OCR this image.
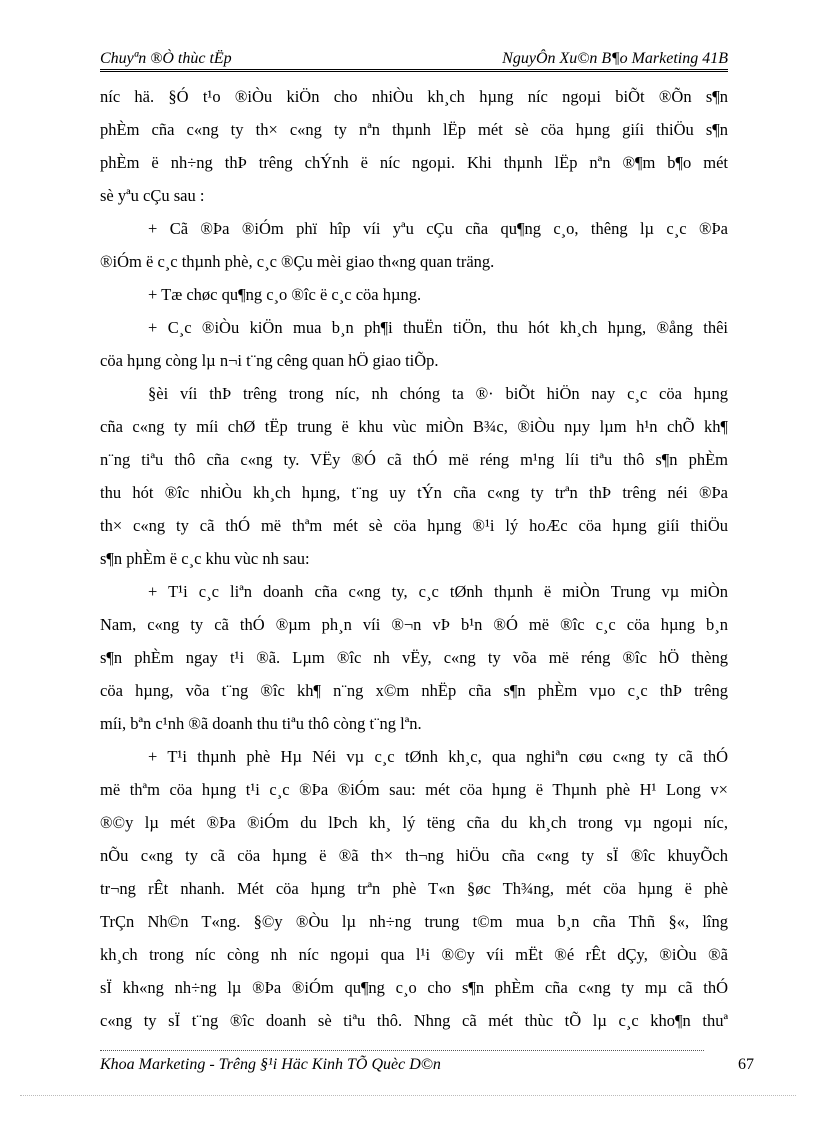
Chuyªn ®Ò thùc tËp	NguyÔn Xu©n B¶o Marketing 41B
níc hä. §Ó t¹o ®iÒu kiÖn cho nhiÒu kh¸ch hµng níc ngoµi biÕt ®Õn s¶n
phÈm cña c«ng ty th× c«ng ty nªn thµnh lËp mét sè cöa hµng giíi thiÖu s¶n
phÈm ë nh÷ng thÞ trêng chÝnh ë níc ngoµi. Khi thµnh lËp nªn ®¶m b¶o mét
sè yªu cÇu sau :
+ Cã ®Þa ®iÓm phï hîp víi yªu cÇu cña qu¶ng c¸o, thêng lµ c¸c ®Þa
®iÓm ë c¸c thµnh phè, c¸c ®Çu mèi giao th«ng quan träng.
+ Tæ chøc qu¶ng c¸o ®îc ë c¸c cöa hµng.
+ C¸c ®iÒu kiÖn mua b¸n ph¶i thuËn tiÖn, thu hót kh¸ch hµng, ®ång thêi
cöa hµng còng lµ n¬i t¨ng cêng quan hÖ giao tiÕp.
§èi víi thÞ trêng trong níc, nh chóng ta ®· biÕt hiÖn nay c¸c cöa hµng
cña c«ng ty míi chØ tËp trung ë khu vùc miÒn B¾c, ®iÒu nµy lµm h¹n chÕ kh¶
n¨ng tiªu thô cña c«ng ty. VËy ®Ó cã thÓ më réng m¹ng líi tiªu thô s¶n phÈm
thu hót ®îc nhiÒu kh¸ch hµng, t¨ng uy tÝn cña c«ng ty trªn thÞ trêng néi ®Þa
th× c«ng ty cã thÓ më thªm mét sè cöa hµng ®¹i lý hoÆc cöa hµng giíi thiÖu
s¶n phÈm ë c¸c khu vùc nh sau:
+ T¹i c¸c liªn doanh cña c«ng ty, c¸c tØnh thµnh ë miÒn Trung vµ miÒn
Nam, c«ng ty cã thÓ ®µm ph¸n víi ®¬n vÞ b¹n ®Ó më ®îc c¸c cöa hµng b¸n
s¶n phÈm ngay t¹i ®ã. Lµm ®îc nh vËy, c«ng ty võa më réng ®îc hÖ thèng
cöa hµng, võa t¨ng ®îc kh¶ n¨ng x©m nhËp cña s¶n phÈm vµo c¸c thÞ trêng
míi, bªn c¹nh ®ã doanh thu tiªu thô còng t¨ng lªn.
+ T¹i thµnh phè Hµ Néi vµ c¸c tØnh kh¸c, qua nghiªn cøu c«ng ty cã thÓ
më thªm cöa hµng t¹i c¸c ®Þa ®iÓm sau: mét cöa hµng ë Thµnh phè H¹ Long v×
®©y lµ mét ®Þa ®iÓm du lÞch kh¸ lý tëng cña du kh¸ch trong vµ ngoµi níc,
nÕu c«ng ty cã cöa hµng ë ®ã th× th¬ng hiÖu cña c«ng ty sÏ ®îc khuyÕch
tr¬ng rÊt nhanh. Mét cöa hµng trªn phè T«n §øc Th¾ng, mét cöa hµng ë phè
TrÇn Nh©n T«ng. §©y ®Òu lµ nh÷ng trung t©m mua b¸n cña Thñ §«, lîng
kh¸ch trong níc còng nh níc ngoµi qua l¹i ®©y víi mËt ®é rÊt dÇy, ®iÒu ®ã
sÏ kh«ng nh÷ng lµ ®Þa ®iÓm qu¶ng c¸o cho s¶n phÈm cña c«ng ty mµ cã thÓ
c«ng ty sÏ t¨ng ®îc doanh sè tiªu thô. Nhng cã mét thùc tÕ lµ c¸c kho¶n thuª
Khoa Marketing - Trêng §¹i Häc Kinh TÕ Quèc D©n	67
